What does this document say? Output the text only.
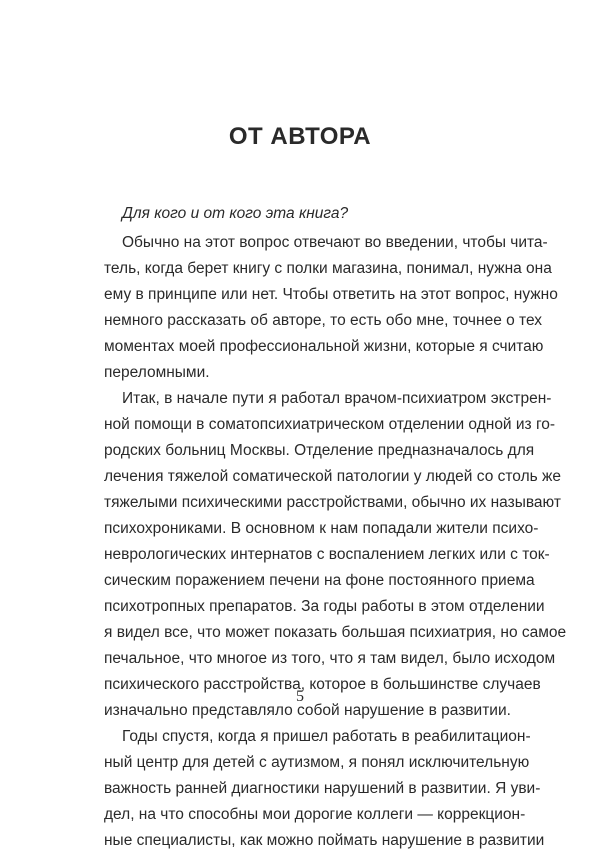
ОТ АВТОРА

Для кого и от кого эта книга?

Обычно на этот вопрос отвечают во введении, чтобы чита-
тель, когда берет книгу с полки магазина, понимал, нужна она
ему в принципе или нет. Чтобы ответить на этот вопрос, нужно
немного рассказать об авторе, то есть обо мне, точнее о тех
моментах моей профессиональной жизни, которые я считаю
переломными.
Итак, в начале пути я работал врачом-психиатром экстрен-
ной помощи в соматопсихиатрическом отделении одной из го-
родских больниц Москвы. Отделение предназначалось для
лечения тяжелой соматической патологии у людей со столь же
тяжелыми психическими расстройствами, обычно их называют
психохрониками. В основном к нам попадали жители психо-
неврологических интернатов с воспалением легких или с ток-
сическим поражением печени на фоне постоянного приема
психотропных препаратов. За годы работы в этом отделении
я видел все, что может показать большая психиатрия, но самое
печальное, что многое из того, что я там видел, было исходом
психического расстройства, которое в большинстве случаев
изначально представляло собой нарушение в развитии.
Годы спустя, когда я пришел работать в реабилитацион-
ный центр для детей с аутизмом, я понял исключительную
важность ранней диагностики нарушений в развитии. Я уви-
дел, на что способны мои дорогие коллеги — коррекцион-
ные специалисты, как можно поймать нарушение в развитии
5
